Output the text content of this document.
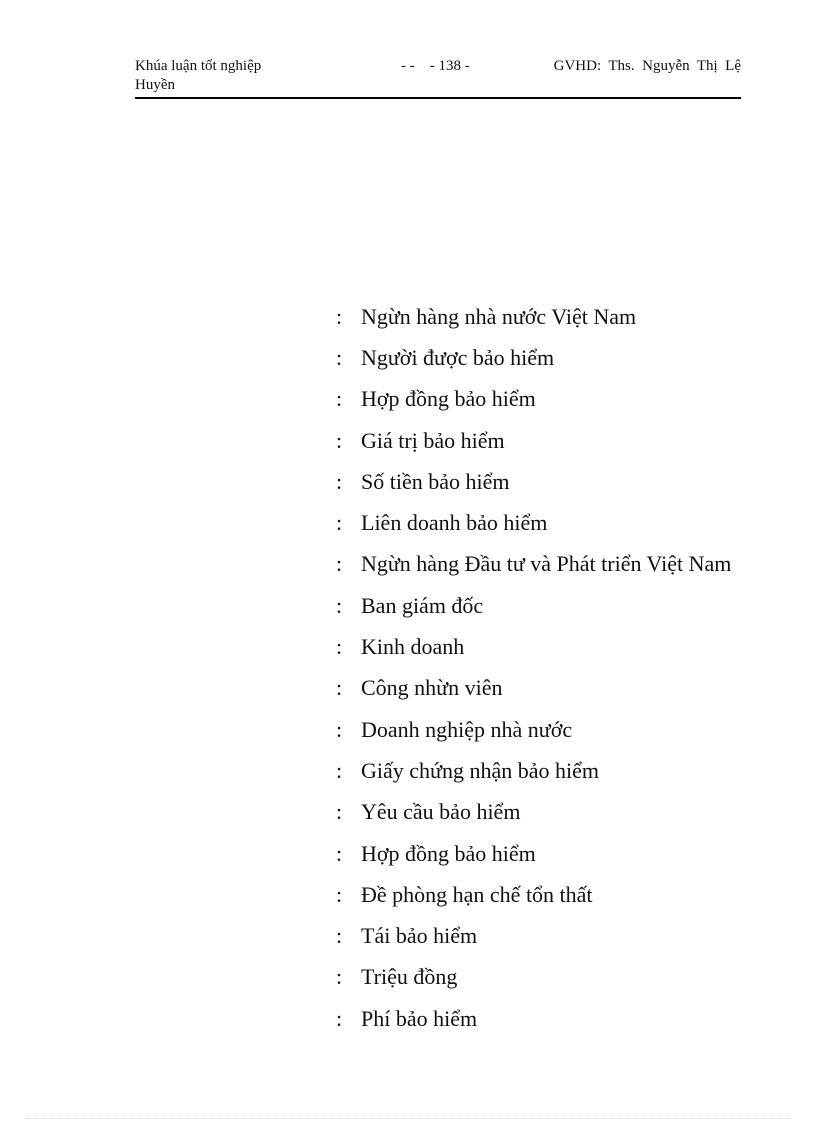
Khúa luận tốt nghiệp	- -    - 138 -	GVHD:  Ths.  Nguyễn  Thị  Lệ
Huyền
: Ngừn hàng nhà nước Việt Nam
: Người được bảo hiểm
: Hợp đồng bảo hiểm
: Giá trị bảo hiểm
: Số tiền bảo hiểm
: Liên doanh bảo hiểm
: Ngừn hàng Đầu tư và Phát triển Việt Nam
: Ban giám đốc
: Kinh doanh
: Công nhừn viên
: Doanh nghiệp nhà nước
: Giấy chứng nhận bảo hiểm
: Yêu cầu bảo hiểm
: Hợp đồng bảo hiểm
: Đề phòng hạn chế tổn thất
: Tái bảo hiểm
: Triệu đồng
: Phí bảo hiểm
